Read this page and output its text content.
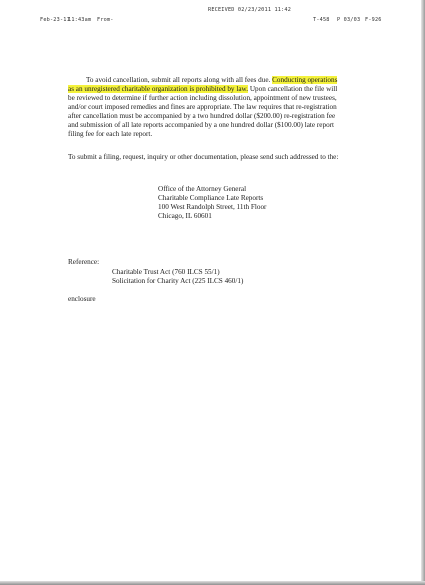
RECEIVED 02/23/2011 11:42
Feb-23-11
11:43am From-	T-458 P 03/03 F-926
To avoid cancellation, submit all reports along with all fees due. Conducting operations
as an unregistered charitable organization is prohibited by law. Upon cancellation the file will
be reviewed to determine if further action including dissolution, appointment of new trustees,
and/or court imposed remedies and fines are appropriate. The law requires that re-registration
after cancellation must be accompanied by a two hundred dollar ($200.00) re-registration fee
and submission of all late reports accompanied by a one hundred dollar ($100.00) late report
filing fee for each late report.
To submit a filing, request, inquiry or other documentation, please send such addressed to the:
Office of the Attorney General
Charitable Compliance Late Reports
100 West Randolph Street, 11th Floor
Chicago, IL 60601
Reference:
Charitable Trust Act (760 ILCS 55/1)
Solicitation for Charity Act (225 ILCS 460/1)
enclosure
